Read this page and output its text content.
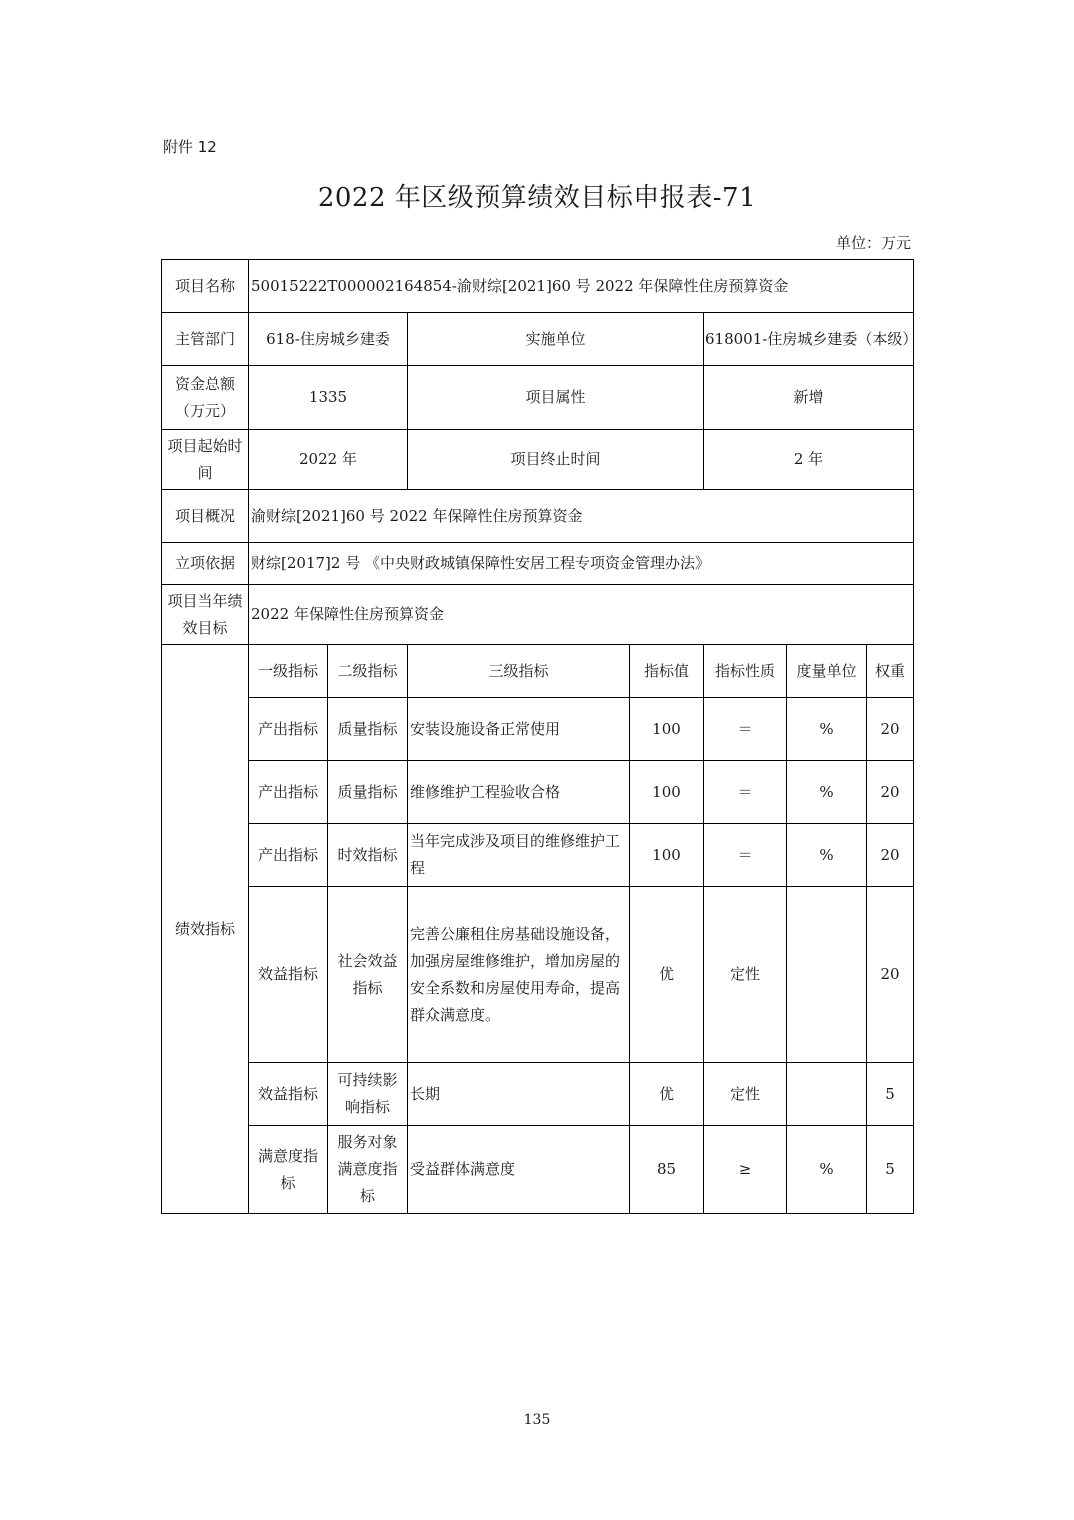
附件 12
2022 年区级预算绩效目标申报表-71
单位：万元
项目名称	50015222T000002164854-渝财综[2021]60 号 2022 年保障性住房预算资金						
主管部门	618-住房城乡建委		实施单位		618001-住房城乡建委（本级）		
资金总额（万元）	1335		项目属性		新增		
项目起始时间	2022 年		项目终止时间		2 年		
项目概况	渝财综[2021]60 号 2022 年保障性住房预算资金						
立项依据	财综[2017]2 号 《中央财政城镇保障性安居工程专项资金管理办法》						
项目当年绩效目标	2022 年保障性住房预算资金						
绩效指标	一级指标	二级指标	三级指标	指标值	指标性质	度量单位	权重
	产出指标	质量指标	安装设施设备正常使用	100	＝	%	20
	产出指标	质量指标	维修维护工程验收合格	100	＝	%	20
	产出指标	时效指标	当年完成涉及项目的维修维护工程	100	＝	%	20
	效益指标	社会效益指标	完善公廉租住房基础设施设备，加强房屋维修维护，增加房屋的安全系数和房屋使用寿命，提高群众满意度。	优	定性		20
	效益指标	可持续影响指标	长期	优	定性		5
	满意度指标	服务对象满意度指标	受益群体满意度	85	≥	%	5
135
